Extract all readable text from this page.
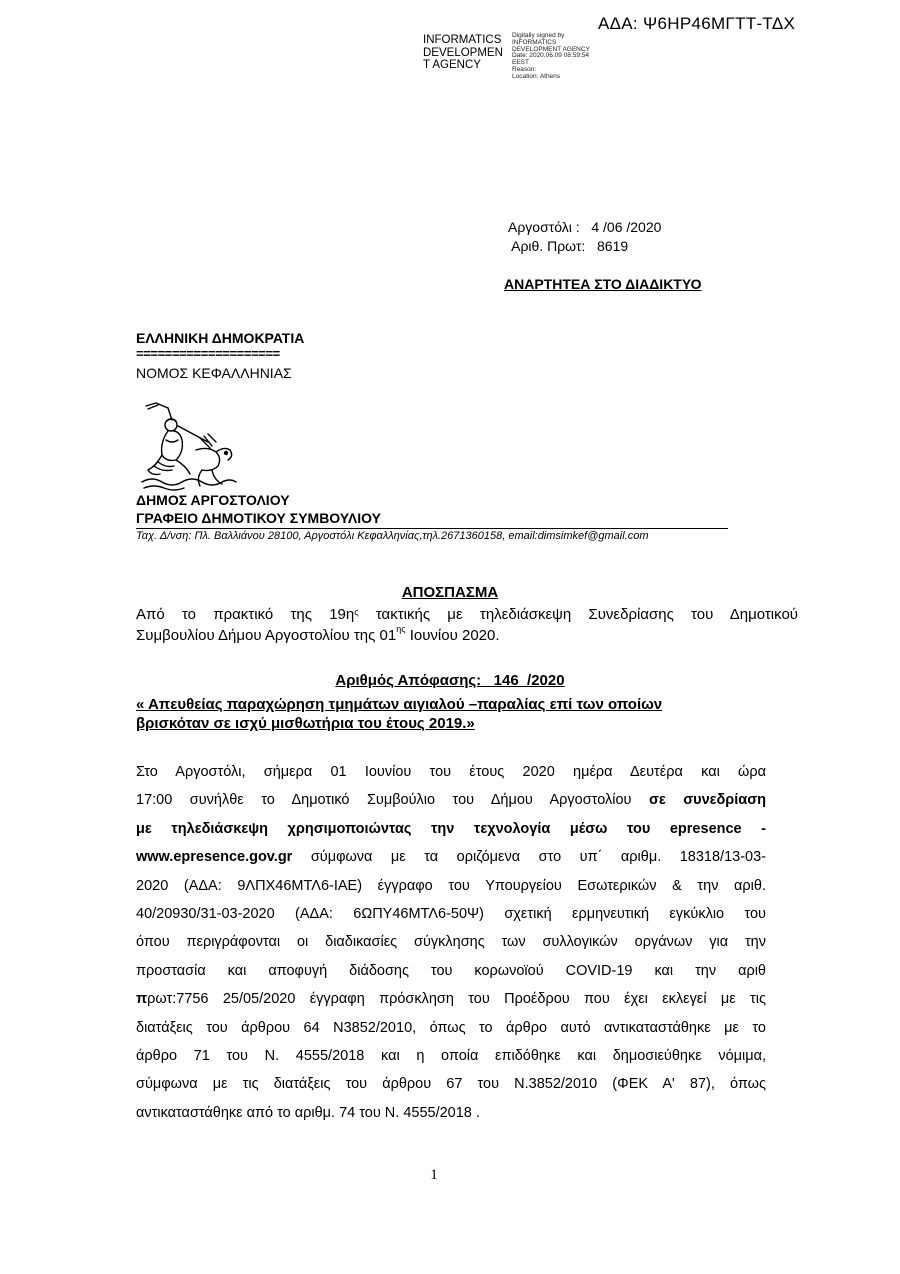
ΑΔΑ: Ψ6ΗΡ46ΜΓΤΤ-ΤΔΧ
INFORMATICS
DEVELOPMEN
T AGENCY
Digitally signed by
INFORMATICS
DEVELOPMENT AGENCY
Date: 2020.06.09 08:59:54
EEST
Reason:
Location: Athens
Αργοστόλι :   4 /06 /2020
Αριθ. Πρωτ:   8619
ΑΝΑΡΤΗΤΕΑ ΣΤΟ ΔΙΑΔΙΚΤΥΟ
ΕΛΛΗΝΙΚΗ ΔΗΜΟΚΡΑΤΙΑ
====================
ΝΟΜΟΣ ΚΕΦΑΛΛΗΝΙΑΣ
ΔΗΜΟΣ ΑΡΓΟΣΤΟΛΙΟΥ
ΓΡΑΦΕΙΟ ΔΗΜΟΤΙΚΟΥ ΣΥΜΒΟΥΛΙΟΥ
Ταχ. Δ/νση: Πλ. Βαλλιάνου 28100, Αργοστόλι Κεφαλληνίας,τηλ.2671360158, email:dimsimkef@gmail.com
ΑΠΟΣΠΑΣΜΑ
Από το πρακτικό της $19\eta^\varsigma$ τακτικής με τηλεδιάσκεψη Συνεδρίασης του Δημοτικού
Συμβουλίου Δήμου Αργοστολίου της $01^{\eta\varsigma}$ Ιουνίου 2020.
Αριθμός Απόφασης:   146  /2020
« Απευθείας παραχώρηση τμημάτων αιγιαλού –παραλίας επί των οποίων
βρισκόταν σε ισχύ μισθωτήρια του έτους 2019.»
Στο Αργοστόλι, σήμερα 01 Ιουνίου του έτους 2020 ημέρα Δευτέρα και ώρα
17:00 συνήλθε το Δημοτικό Συμβούλιο του Δήμου Αργοστολίου σε συνεδρίαση
με τηλεδιάσκεψη χρησιμοποιώντας την τεχνολογία μέσω του epresence -
www.epresence.gov.gr σύμφωνα με τα οριζόμενα στο υπ΄ αριθμ. 18318/13-03-
2020 (ΑΔΑ: 9ΛΠΧ46ΜΤΛ6-ΙΑΕ) έγγραφο του Υπουργείου Εσωτερικών & την αριθ.
40/20930/31-03-2020 (ΑΔΑ: 6ΩΠΥ46ΜΤΛ6-50Ψ) σχετική ερμηνευτική εγκύκλιο του
όπου περιγράφονται οι διαδικασίες σύγκλησης των συλλογικών οργάνων για την
προστασία και αποφυγή διάδοσης του κορωνοϊού COVID-19 και την αριθ
πρωτ:7756 25/05/2020 έγγραφη πρόσκληση του Προέδρου που έχει εκλεγεί με τις
διατάξεις του άρθρου 64 Ν3852/2010, όπως το άρθρο αυτό αντικαταστάθηκε με το
άρθρο 71 του Ν. 4555/2018 και η οποία επιδόθηκε και δημοσιεύθηκε νόμιμα,
σύμφωνα με τις διατάξεις του άρθρου 67 του Ν.3852/2010 (ΦΕΚ Α' 87), όπως
αντικαταστάθηκε από το αριθμ. 74 του Ν. 4555/2018 .
1
